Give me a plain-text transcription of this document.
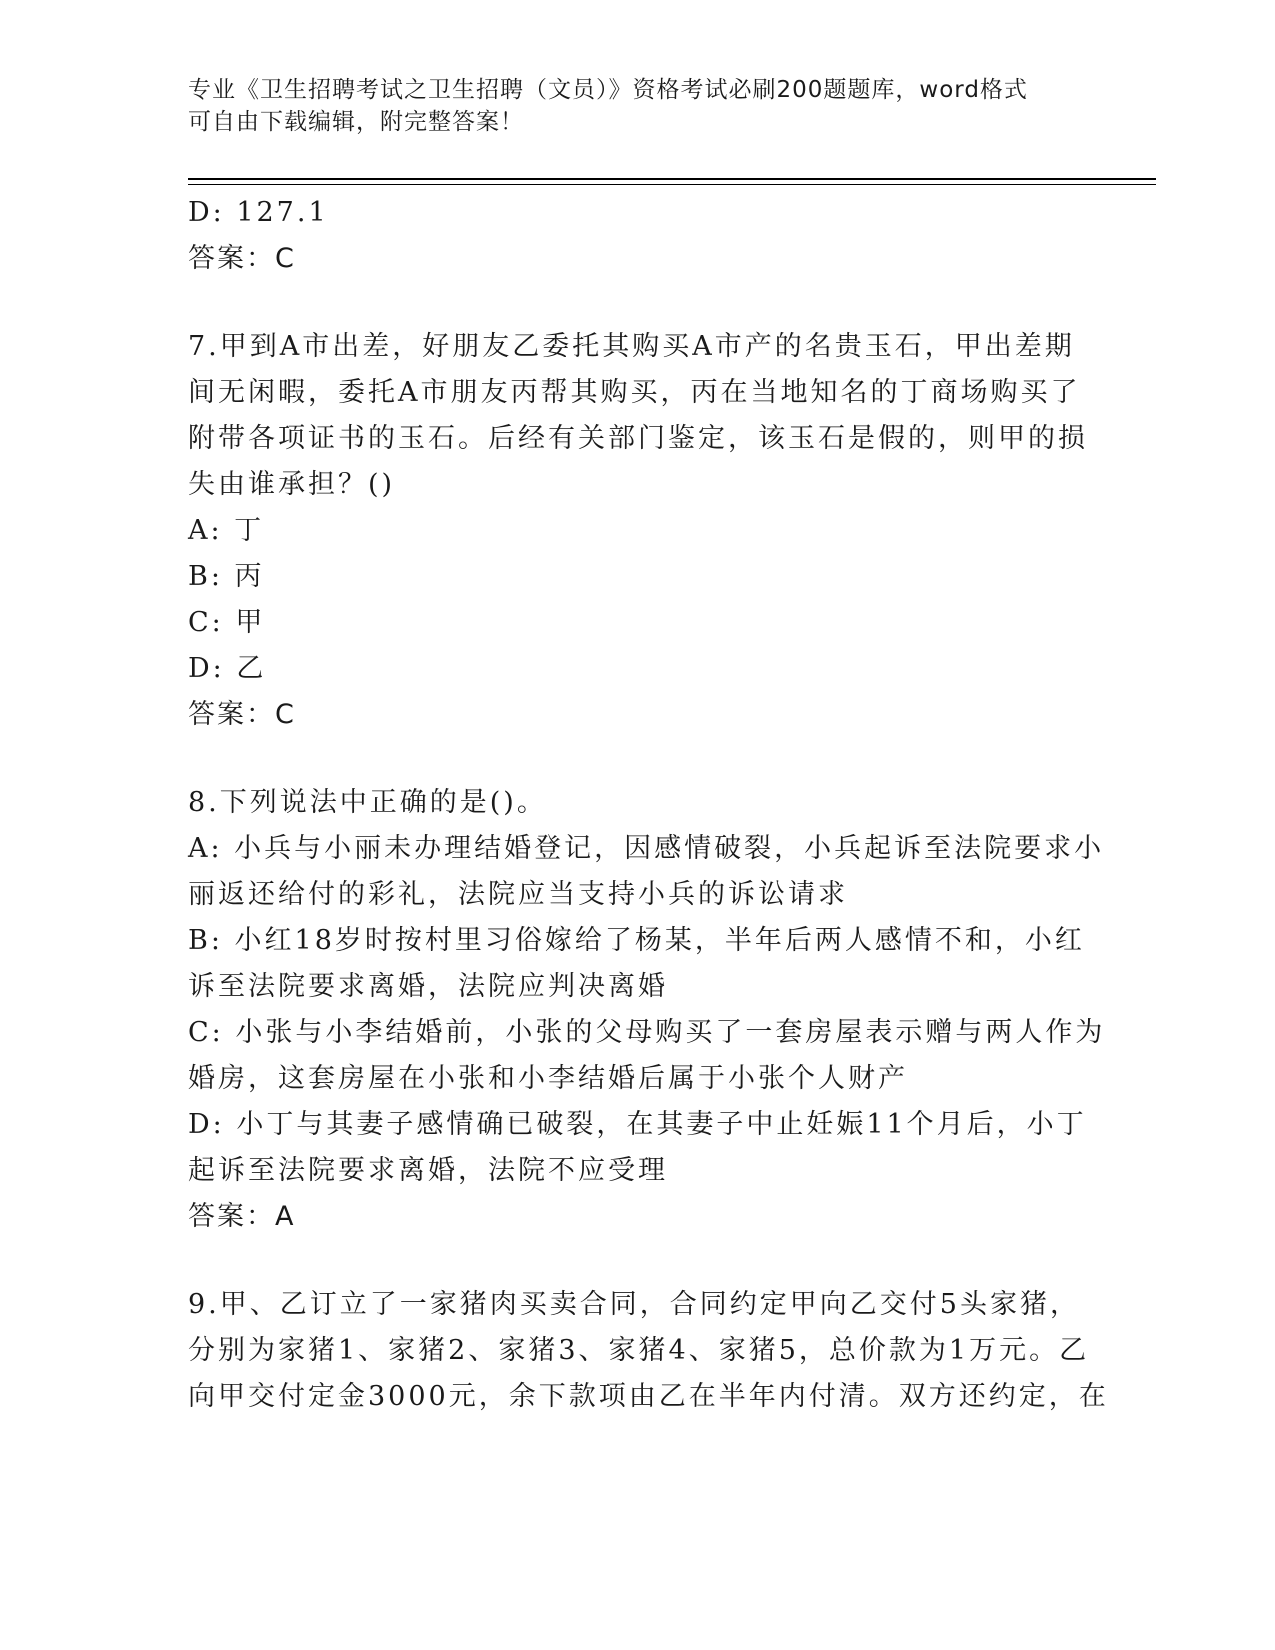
专业《卫生招聘考试之卫生招聘（文员）》资格考试必刷200题题库，word格式
可自由下载编辑，附完整答案！
D: 127.1
答案：C
7.甲到A市出差，好朋友乙委托其购买A市产的名贵玉石，甲出差期
间无闲暇，委托A市朋友丙帮其购买，丙在当地知名的丁商场购买了
附带各项证书的玉石。后经有关部门鉴定，该玉石是假的，则甲的损
失由谁承担？()
A: 丁
B: 丙
C: 甲
D: 乙
答案：C
8.下列说法中正确的是()。
A: 小兵与小丽未办理结婚登记，因感情破裂，小兵起诉至法院要求小
丽返还给付的彩礼，法院应当支持小兵的诉讼请求
B: 小红18岁时按村里习俗嫁给了杨某，半年后两人感情不和，小红
诉至法院要求离婚，法院应判决离婚
C: 小张与小李结婚前，小张的父母购买了一套房屋表示赠与两人作为
婚房，这套房屋在小张和小李结婚后属于小张个人财产
D: 小丁与其妻子感情确已破裂，在其妻子中止妊娠11个月后，小丁
起诉至法院要求离婚，法院不应受理
答案：A
9.甲、乙订立了一家猪肉买卖合同，合同约定甲向乙交付5头家猪，
分别为家猪1、家猪2、家猪3、家猪4、家猪5，总价款为1万元。乙
向甲交付定金3000元，余下款项由乙在半年内付清。双方还约定，在
